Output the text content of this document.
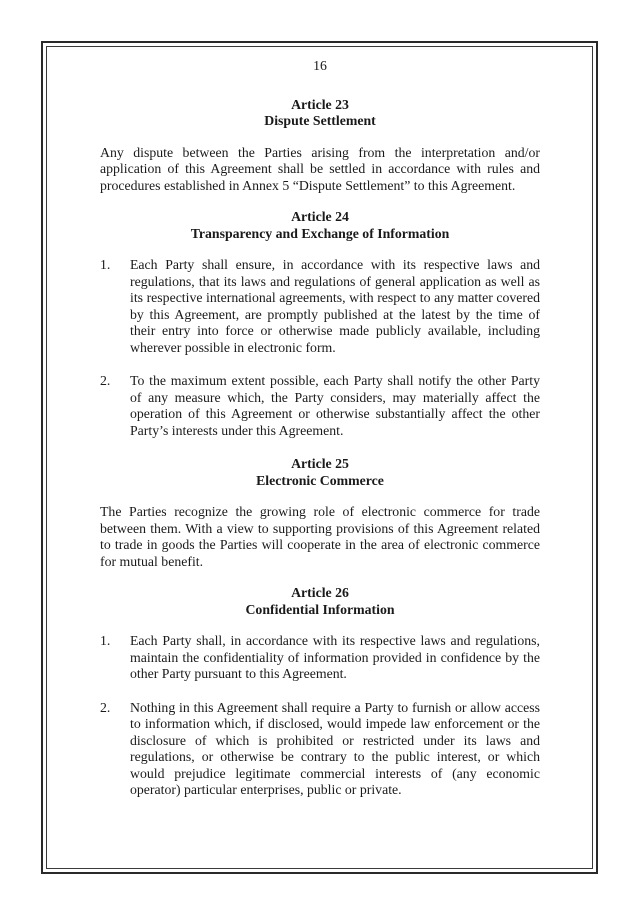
16
Article 23
Dispute Settlement

Any dispute between the Parties arising from the interpretation and/or application of this Agreement shall be settled in accordance with rules and procedures established in Annex 5 “Dispute Settlement” to this Agreement.

Article 24
Transparency and Exchange of Information
1.	Each Party shall ensure, in accordance with its respective laws and regulations, that its laws and regulations of general application as well as its respective international agreements, with respect to any matter covered by this Agreement, are promptly published at the latest by the time of their entry into force or otherwise made publicly available, including wherever possible in electronic form.
2.	To the maximum extent possible, each Party shall notify the other Party of any measure which, the Party considers, may materially affect the operation of this Agreement or otherwise substantially affect the other Party’s interests under this Agreement.
Article 25
Electronic Commerce

The Parties recognize the growing role of electronic commerce for trade between them. With a view to supporting provisions of this Agreement related to trade in goods the Parties will cooperate in the area of electronic commerce for mutual benefit.

Article 26
Confidential Information
1.	Each Party shall, in accordance with its respective laws and regulations, maintain the confidentiality of information provided in confidence by the other Party pursuant to this Agreement.
2.	Nothing in this Agreement shall require a Party to furnish or allow access to information which, if disclosed, would impede law enforcement or the disclosure of which is prohibited or restricted under its laws and regulations, or otherwise be contrary to the public interest, or which would prejudice legitimate commercial interests of (any economic operator) particular enterprises, public or private.
